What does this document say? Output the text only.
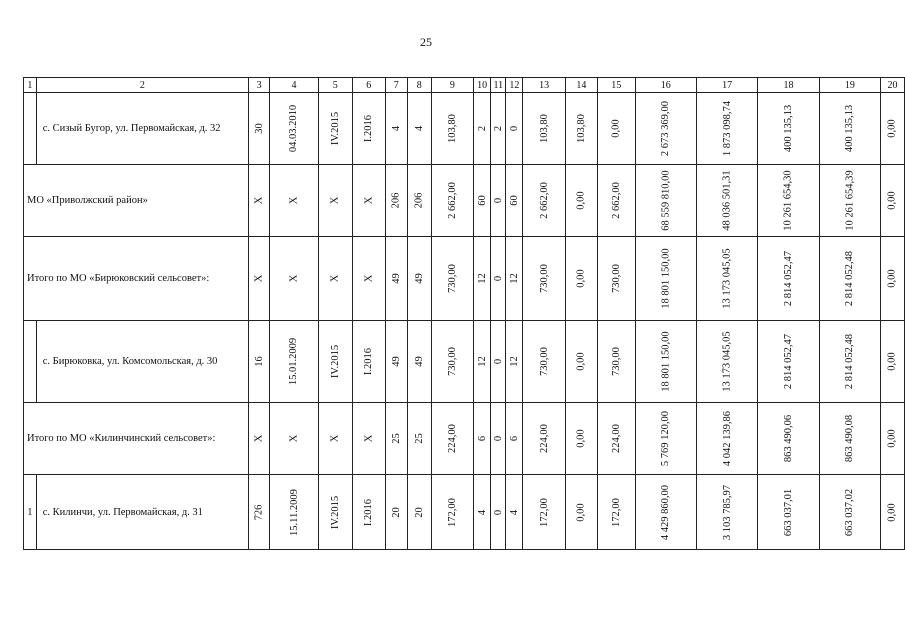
25
1	2	3	4	5	6	7	8	9	10	11	12	13	14	15	16	17	18	19	20
	с. Сизый Бугор, ул. Первомайская, д. 32	30	04.03.2010	IV.2015	I.2016	4	4	103,80	2	2	0	103,80	103,80	0,00	2 673 369,00	1 873 098,74	400 135,13	400 135,13	0,00
МО «Приволжский район»		Х	Х	Х	Х	206	206	2 662,00	60	0	60	2 662,00	0,00	2 662,00	68 559 810,00	48 036 501,31	10 261 654,30	10 261 654,39	0,00
Итого по МО «Бирюковский сельсовет»:		Х	Х	Х	Х	49	49	730,00	12	0	12	730,00	0,00	730,00	18 801 150,00	13 173 045,05	2 814 052,47	2 814 052,48	0,00
	с. Бирюковка, ул. Комсомольская, д. 30	16	15.01.2009	IV.2015	I.2016	49	49	730,00	12	0	12	730,00	0,00	730,00	18 801 150,00	13 173 045,05	2 814 052,47	2 814 052,48	0,00
Итого по МО «Килинчинский сельсовет»:		Х	Х	Х	Х	25	25	224,00	6	0	6	224,00	0,00	224,00	5 769 120,00	4 042 139,86	863 490,06	863 490,08	0,00
1	с. Килинчи, ул. Первомайская, д. 31	726	15.11.2009	IV.2015	I.2016	20	20	172,00	4	0	4	172,00	0,00	172,00	4 429 860,00	3 103 785,97	663 037,01	663 037,02	0,00
